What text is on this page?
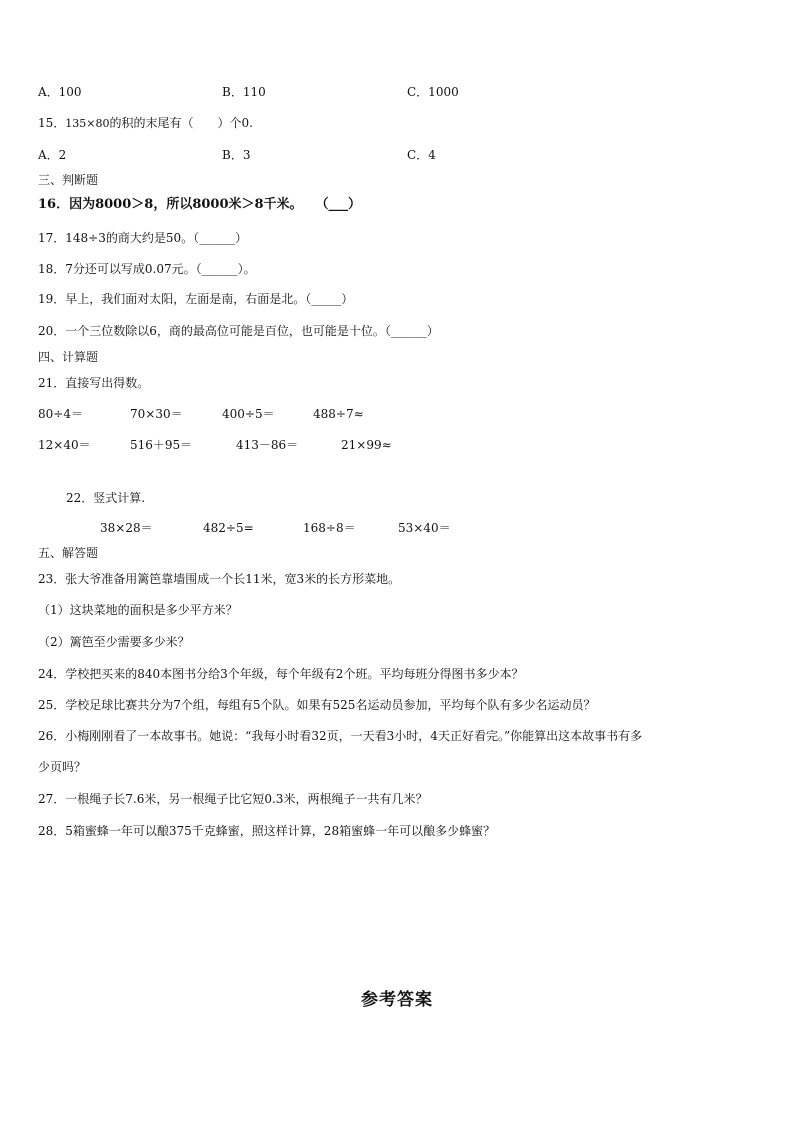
A．100	B．110	C．1000
15．135×80的积的末尾有（　　）个0.
A．2	B．3	C．4
三、判断题
16．因为8000＞8，所以8000米＞8千米。　　（___）
17．148÷3的商大约是50。（______）
18．7分还可以写成0.07元。（______）。
19．早上，我们面对太阳，左面是南，右面是北。（_____）
20．一个三位数除以6，商的最高位可能是百位，也可能是十位。（______）
四、计算题
21．直接写出得数。
80÷4＝	70×30＝	400÷5＝	488÷7≈
12×40＝	516＋95＝	413－86＝	21×99≈
22．竖式计算.
38×28＝	482÷5=	168÷8＝	53×40＝
五、解答题
23．张大爷准备用篱笆靠墙围成一个长11米，宽3米的长方形菜地。
（1）这块菜地的面积是多少平方米？
（2）篱笆至少需要多少米？
24．学校把买来的840本图书分给3个年级，每个年级有2个班。平均每班分得图书多少本？
25．学校足球比赛共分为7个组，每组有5个队。如果有525名运动员参加，平均每个队有多少名运动员？
26．小梅刚刚看了一本故事书。她说：“我每小时看32页，一天看3小时，4天正好看完。”你能算出这本故事书有多
少页吗？
27．一根绳子长7.6米，另一根绳子比它短0.3米，两根绳子一共有几米？
28．5箱蜜蜂一年可以酿375千克蜂蜜，照这样计算，28箱蜜蜂一年可以酿多少蜂蜜？
参考答案
